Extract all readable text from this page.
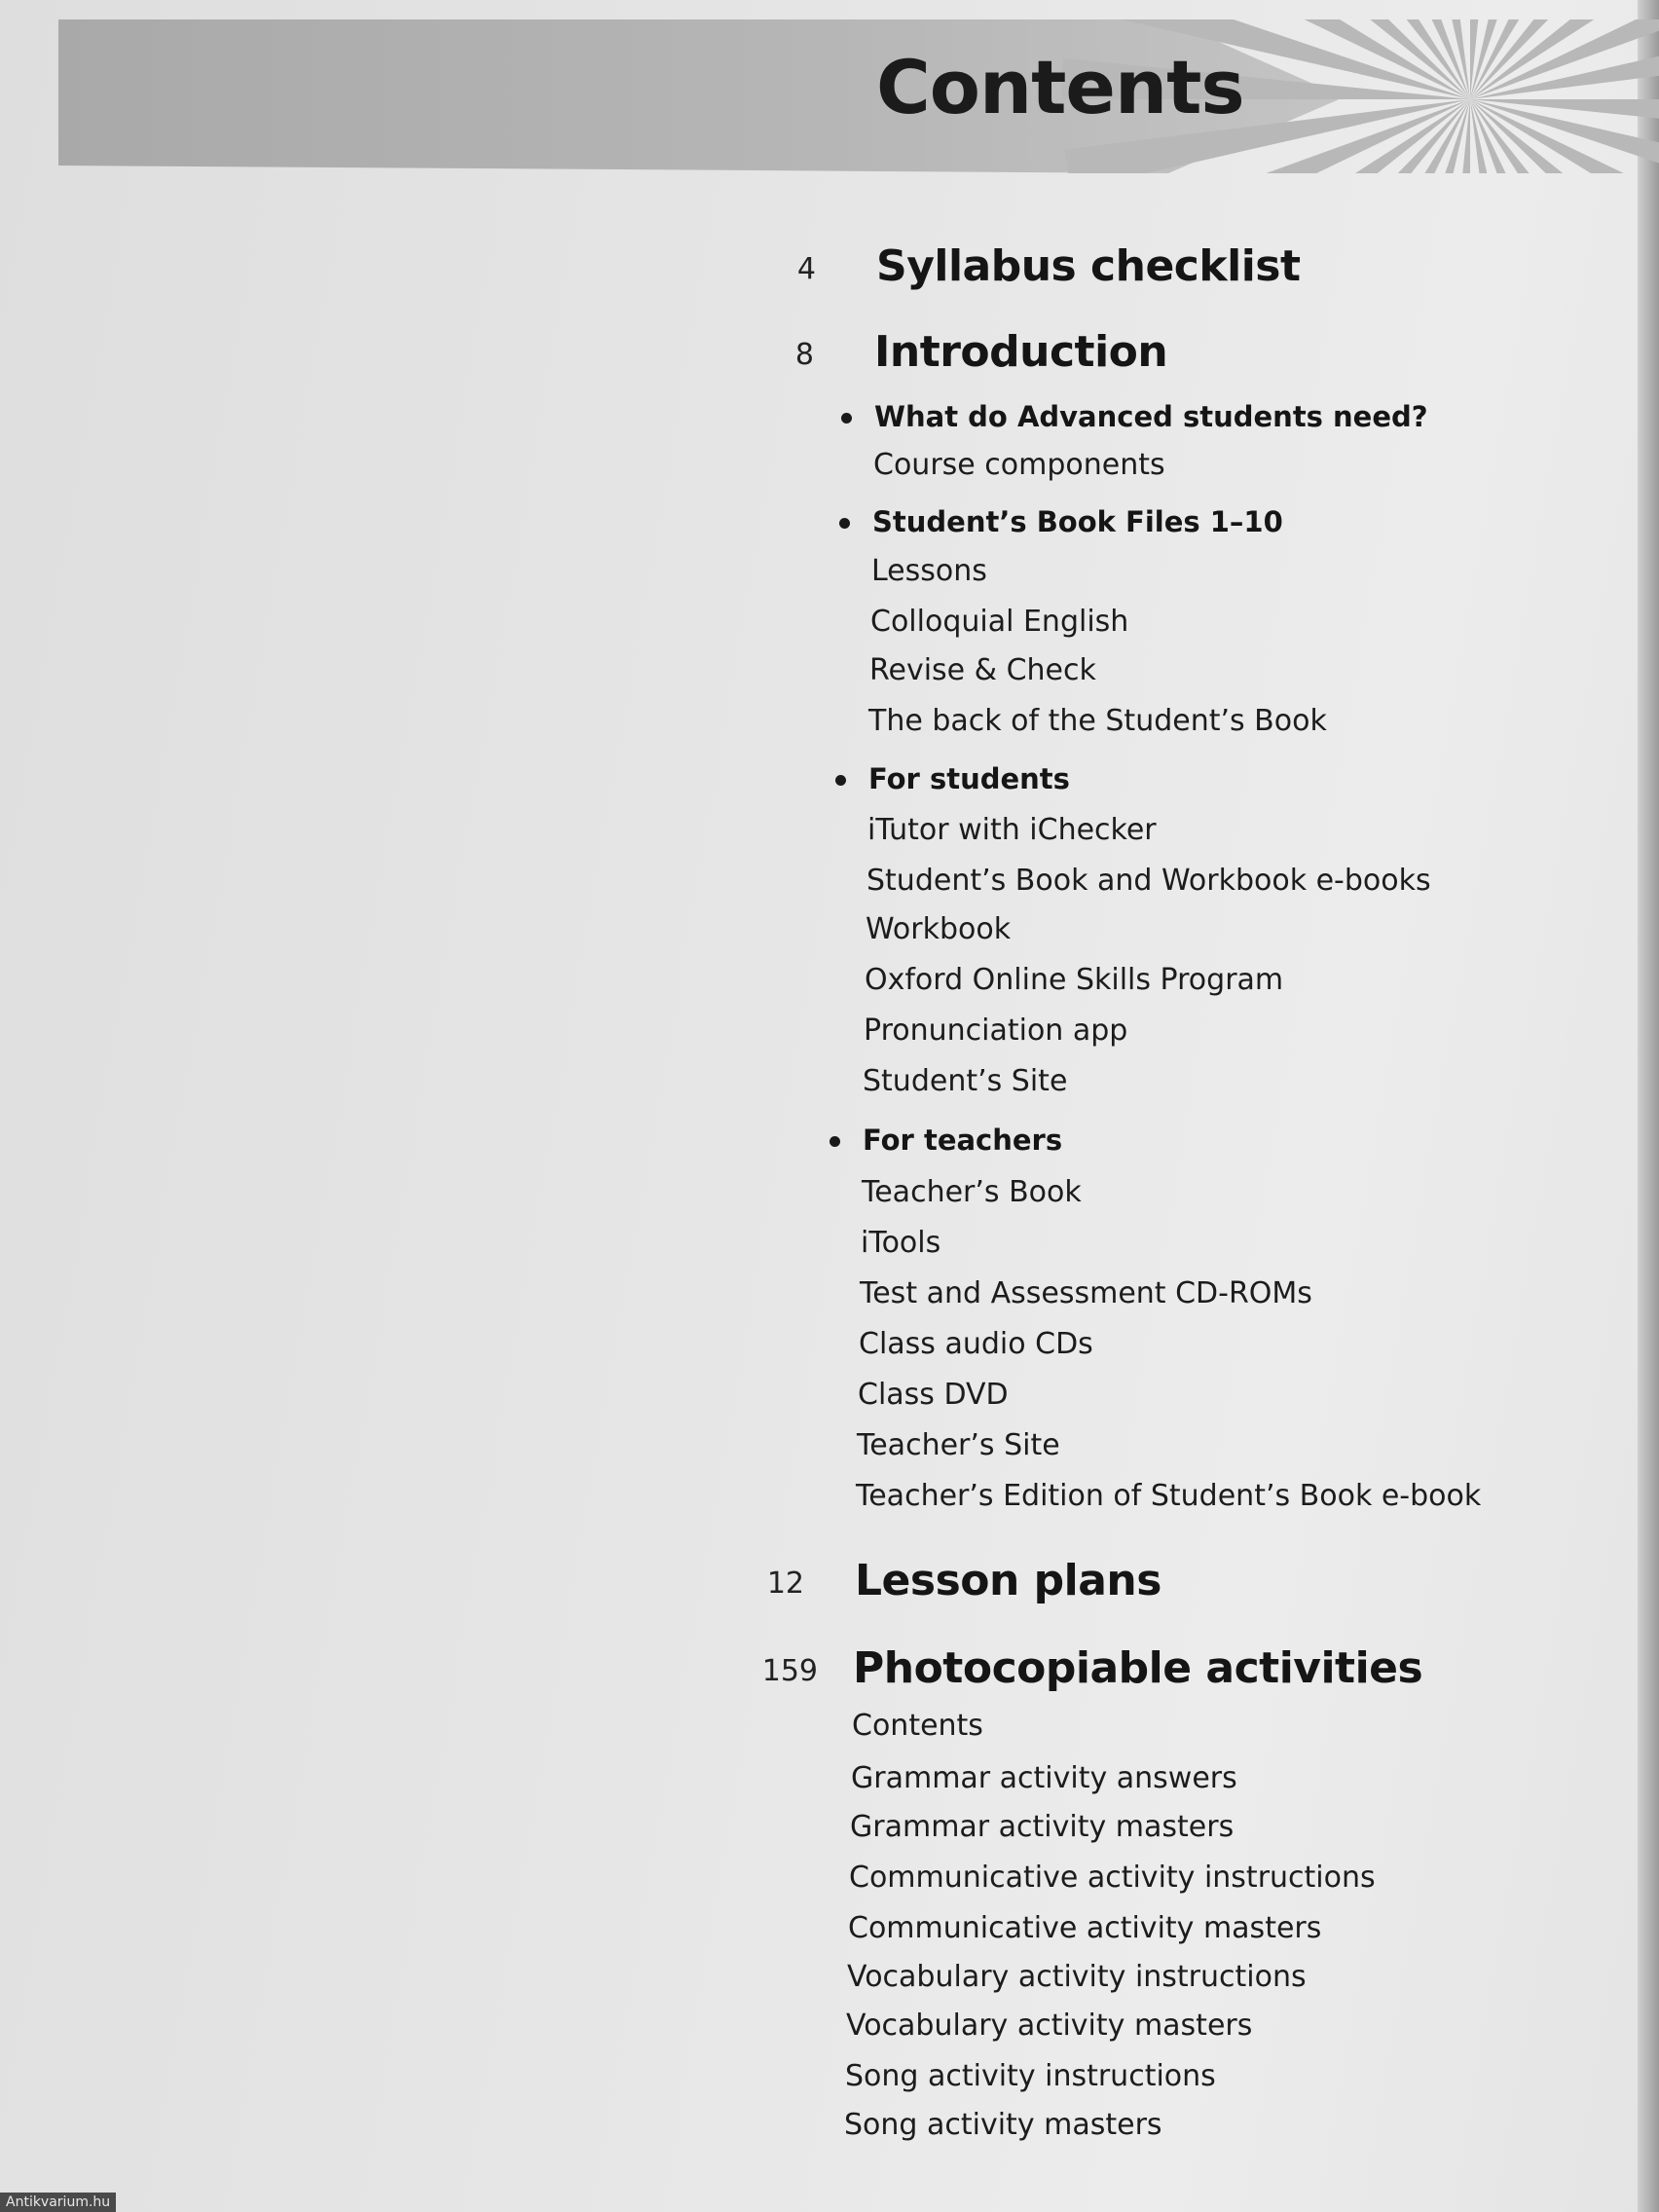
Contents
4 Syllabus checklist
8 Introduction
What do Advanced students need?
Course components
Student’s Book Files 1–10
Lessons
Colloquial English
Revise & Check
The back of the Student’s Book
For students
iTutor with iChecker
Student’s Book and Workbook e-books
Workbook
Oxford Online Skills Program
Pronunciation app
Student’s Site
For teachers
Teacher’s Book
iTools
Test and Assessment CD-ROMs
Class audio CDs
Class DVD
Teacher’s Site
Teacher’s Edition of Student’s Book e-book
12 Lesson plans
159 Photocopiable activities
Contents
Grammar activity answers
Grammar activity masters
Communicative activity instructions
Communicative activity masters
Vocabulary activity instructions
Vocabulary activity masters
Song activity instructions
Song activity masters
Antikvarium.hu
